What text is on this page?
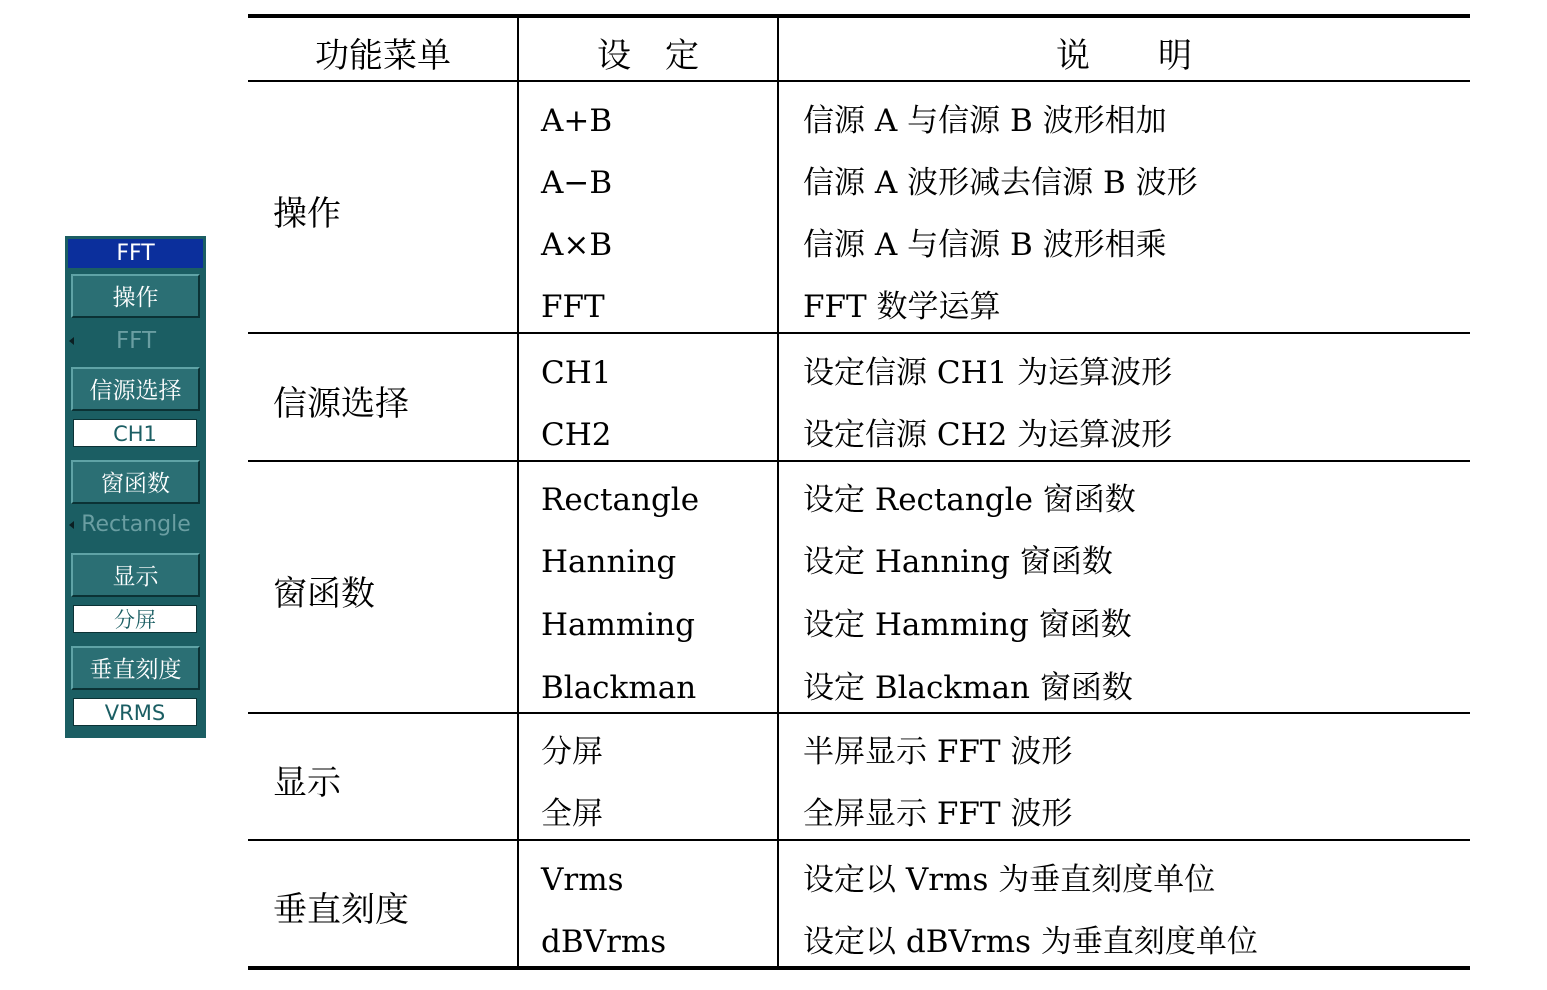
FFT
操作
FFT
信源选择
CH1
窗函数
Rectangle
显示
分屏
垂直刻度
VRMS
功能菜单	设　定	说　　明
操作
A+B	信源 A 与信源 B 波形相加
A−B	信源 A 波形减去信源 B 波形
A×B	信源 A 与信源 B 波形相乘
FFT	FFT 数学运算
信源选择
CH1	设定信源 CH1 为运算波形
CH2	设定信源 CH2 为运算波形
窗函数
Rectangle	设定 Rectangle 窗函数
Hanning	设定 Hanning 窗函数
Hamming	设定 Hamming 窗函数
Blackman	设定 Blackman 窗函数
显示
分屏	半屏显示 FFT 波形
全屏	全屏显示 FFT 波形
垂直刻度
Vrms	设定以 Vrms 为垂直刻度单位
dBVrms	设定以 dBVrms 为垂直刻度单位
